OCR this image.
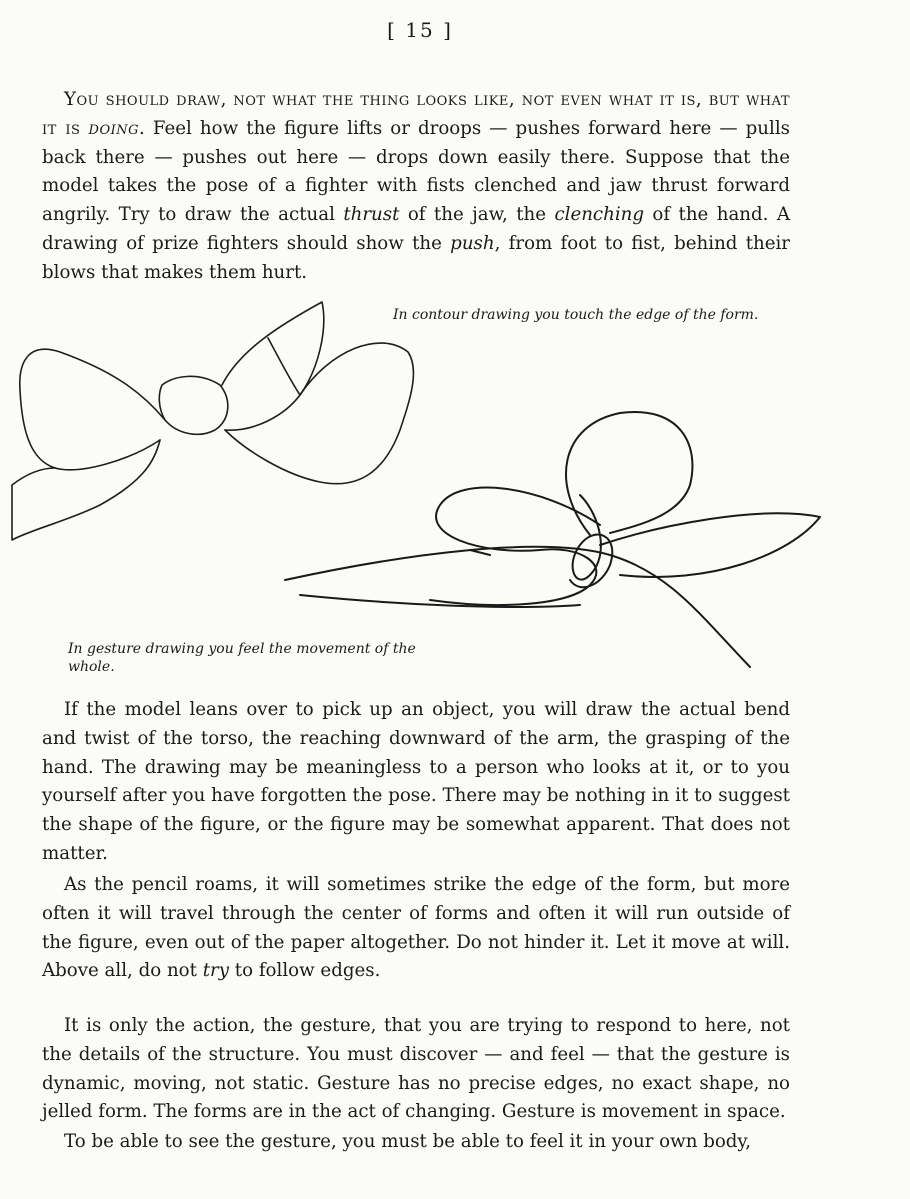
[ 15 ]

You should draw, not what the thing looks like, not even what it is, but what it is doing. Feel how the figure lifts or droops — pushes forward here — pulls back there — pushes out here — drops down easily there. Suppose that the model takes the pose of a fighter with fists clenched and jaw thrust forward angrily. Try to draw the actual thrust of the jaw, the clenching of the hand. A drawing of prize fighters should show the push, from foot to fist, behind their blows that makes them hurt.

In contour drawing you touch the edge of the form.

In gesture drawing you feel the movement of the whole.

If the model leans over to pick up an object, you will draw the actual bend and twist of the torso, the reaching downward of the arm, the grasping of the hand. The drawing may be meaningless to a person who looks at it, or to you yourself after you have forgotten the pose. There may be nothing in it to suggest the shape of the figure, or the figure may be somewhat apparent. That does not matter.

As the pencil roams, it will sometimes strike the edge of the form, but more often it will travel through the center of forms and often it will run outside of the figure, even out of the paper altogether. Do not hinder it. Let it move at will. Above all, do not try to follow edges.

It is only the action, the gesture, that you are trying to respond to here, not the details of the structure. You must discover — and feel — that the gesture is dynamic, moving, not static. Gesture has no precise edges, no exact shape, no jelled form. The forms are in the act of changing. Gesture is movement in space.

To be able to see the gesture, you must be able to feel it in your own body,
